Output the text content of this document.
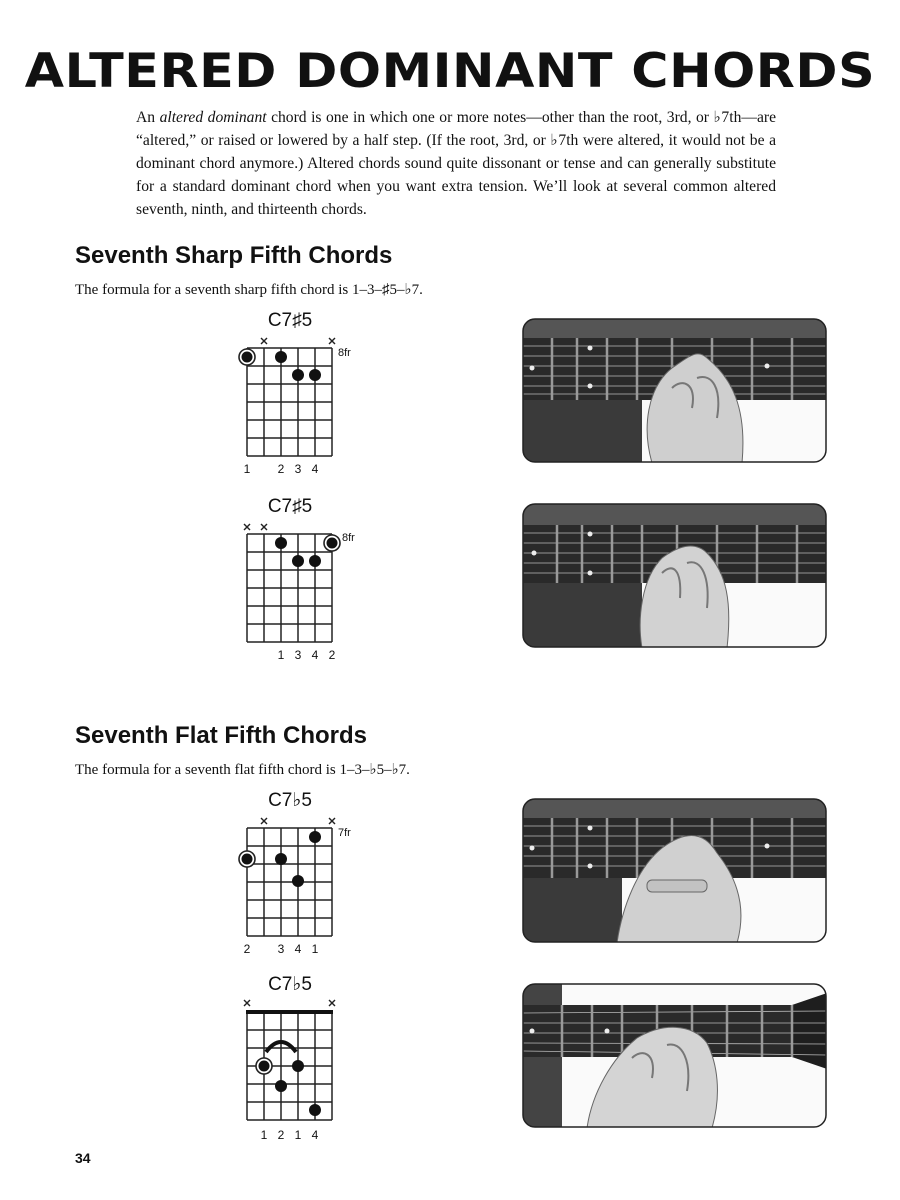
ALTERED DOMINANT CHORDS
An altered dominant chord is one in which one or more notes—other than the root, 3rd, or ♭7th—are “altered,” or raised or lowered by a half step. (If the root, 3rd, or ♭7th were altered, it would not be a dominant chord anymore.) Altered chords sound quite dissonant or tense and can generally substitute for a standard dominant chord when you want extra tension. We’ll look at several common altered seventh, ninth, and thirteenth chords.
Seventh Sharp Fifth Chords
The formula for a seventh sharp fifth chord is 1–3–♯5–♭7.
C7♯5
8fr
1 2 3 4
C7♯5
8fr
1 3 4 2
Seventh Flat Fifth Chords
The formula for a seventh flat fifth chord is 1–3–♭5–♭7.
C7♭5
7fr
2 3 4 1
C7♭5
1 2 1 4
34
